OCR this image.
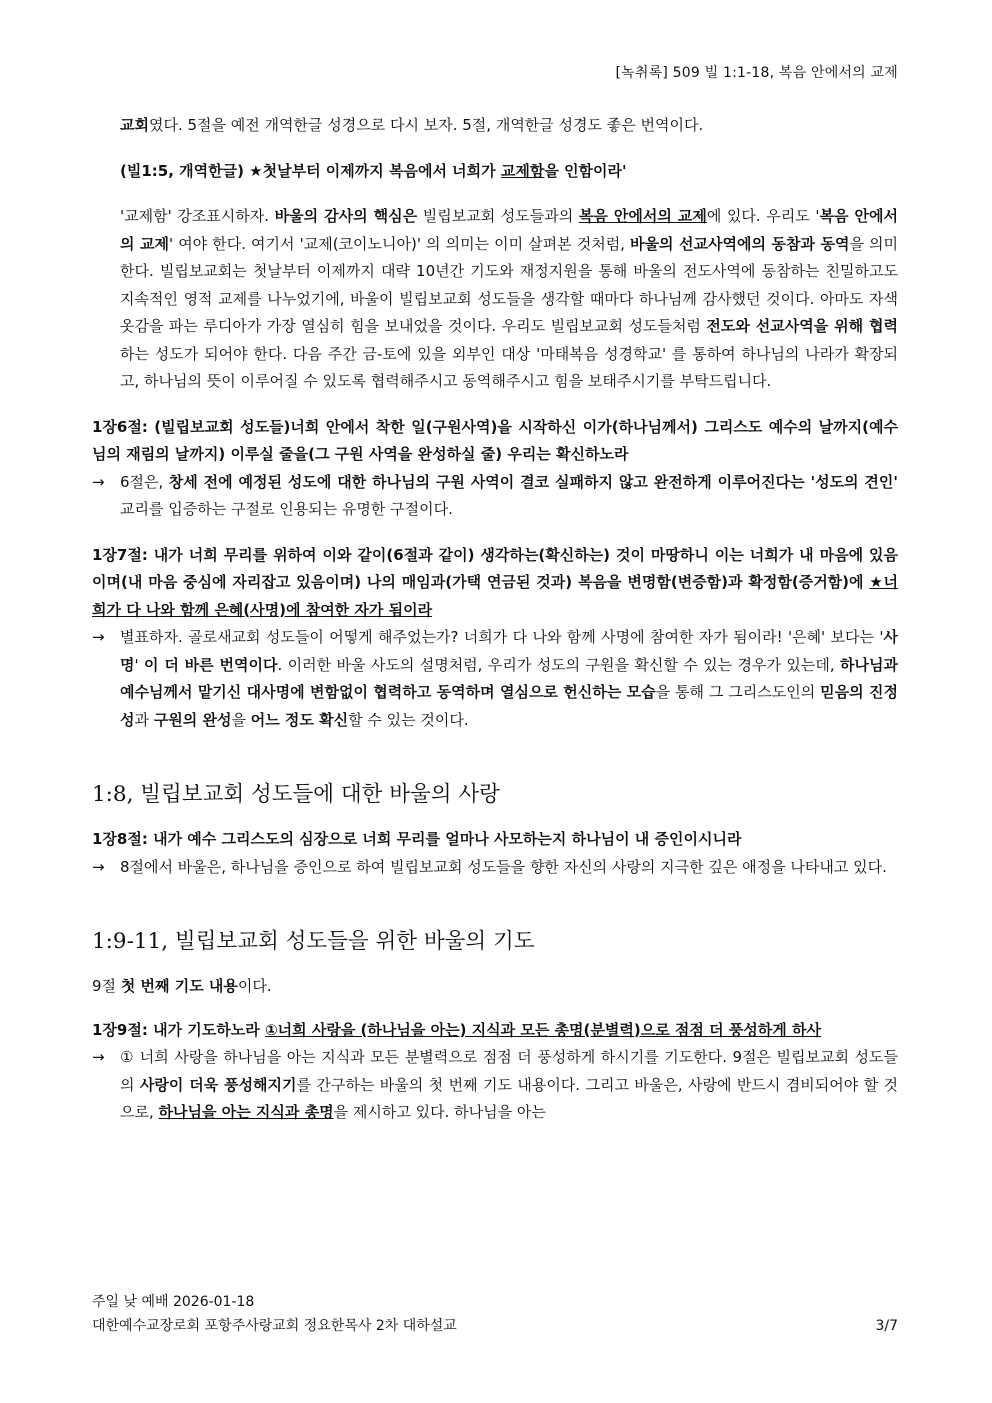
[녹취록] 509 빌 1:1-18, 복음 안에서의 교제

교회였다. 5절을 예전 개역한글 성경으로 다시 보자. 5절, 개역한글 성경도 좋은 번역이다.

(빌1:5, 개역한글) ★첫날부터 이제까지 복음에서 너희가 교제함을 인함이라'

'교제함' 강조표시하자. 바울의 감사의 핵심은 빌립보교회 성도들과의 복음 안에서의 교제에 있다. 우리도 '복음 안에서의 교제' 여야 한다. 여기서 '교제(코이노니아)' 의 의미는 이미 살펴본 것처럼, 바울의 선교사역에의 동참과 동역을 의미한다. 빌립보교회는 첫날부터 이제까지 대략 10년간 기도와 재정지원을 통해 바울의 전도사역에 동참하는 친밀하고도 지속적인 영적 교제를 나누었기에, 바울이 빌립보교회 성도들을 생각할 때마다 하나님께 감사했던 것이다. 아마도 자색 옷감을 파는 루디아가 가장 열심히 힘을 보내었을 것이다. 우리도 빌립보교회 성도들처럼 전도와 선교사역을 위해 협력하는 성도가 되어야 한다. 다음 주간 금-토에 있을 외부인 대상 '마태복음 성경학교' 를 통하여 하나님의 나라가 확장되고, 하나님의 뜻이 이루어질 수 있도록 협력해주시고 동역해주시고 힘을 보태주시기를 부탁드립니다.

1장6절: (빌립보교회 성도들)너희 안에서 착한 일(구원사역)을 시작하신 이가(하나님께서) 그리스도 예수의 날까지(예수님의 재림의 날까지) 이루실 줄을(그 구원 사역을 완성하실 줄) 우리는 확신하노라

→	6절은, 창세 전에 예정된 성도에 대한 하나님의 구원 사역이 결코 실패하지 않고 완전하게 이루어진다는 '성도의 견인' 교리를 입증하는 구절로 인용되는 유명한 구절이다.

1장7절: 내가 너희 무리를 위하여 이와 같이(6절과 같이) 생각하는(확신하는) 것이 마땅하니 이는 너희가 내 마음에 있음이며(내 마음 중심에 자리잡고 있음이며) 나의 매임과(가택 연금된 것과) 복음을 변명함(변증함)과 확정함(증거함)에 ★너희가 다 나와 함께 은혜(사명)에 참여한 자가 됨이라

→	별표하자. 골로새교회 성도들이 어떻게 해주었는가? 너희가 다 나와 함께 사명에 참여한 자가 됨이라! '은혜' 보다는 '사명' 이 더 바른 번역이다. 이러한 바울 사도의 설명처럼, 우리가 성도의 구원을 확신할 수 있는 경우가 있는데, 하나님과 예수님께서 맡기신 대사명에 변함없이 협력하고 동역하며 열심으로 헌신하는 모습을 통해 그 그리스도인의 믿음의 진정성과 구원의 완성을 어느 정도 확신할 수 있는 것이다.

1:8, 빌립보교회 성도들에 대한 바울의 사랑

1장8절: 내가 예수 그리스도의 심장으로 너희 무리를 얼마나 사모하는지 하나님이 내 증인이시니라

→	8절에서 바울은, 하나님을 증인으로 하여 빌립보교회 성도들을 향한 자신의 사랑의 지극한 깊은 애정을 나타내고 있다.

1:9-11, 빌립보교회 성도들을 위한 바울의 기도

9절 첫 번째 기도 내용이다.

1장9절: 내가 기도하노라 ①너희 사랑을 (하나님을 아는) 지식과 모든 총명(분별력)으로 점점 더 풍성하게 하사

→	① 너희 사랑을 하나님을 아는 지식과 모든 분별력으로 점점 더 풍성하게 하시기를 기도한다. 9절은 빌립보교회 성도들의 사랑이 더욱 풍성해지기를 간구하는 바울의 첫 번째 기도 내용이다. 그리고 바울은, 사랑에 반드시 겸비되어야 할 것으로, 하나님을 아는 지식과 총명을 제시하고 있다. 하나님을 아는
주일 낮 예배 2026-01-18
대한예수교장로회 포항주사랑교회 정요한목사 2차 대하설교	3/7
